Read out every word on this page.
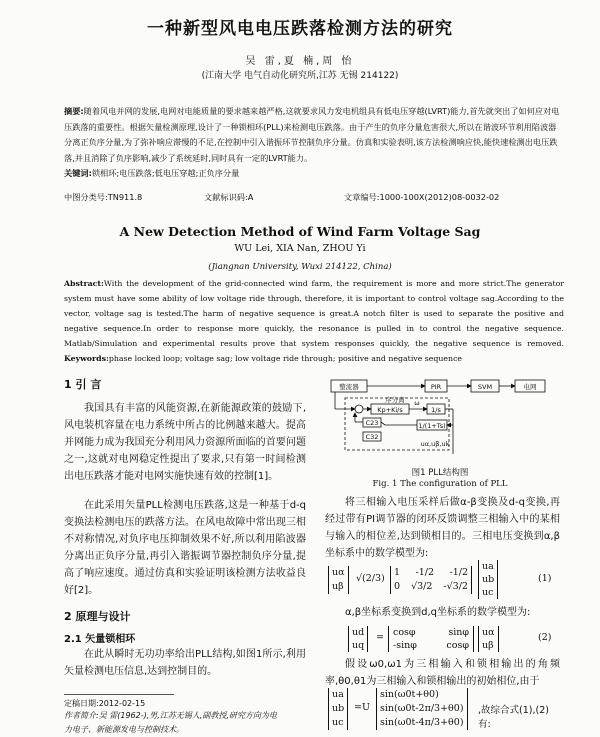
一种新型风电电压跌落检测方法的研究
吴 雷,夏 楠,周 怡
(江南大学 电气自动化研究所,江苏 无锡 214122)
摘要:随着风电并网的发展,电网对电能质量的要求越来越严格,这就要求风力发电机组具有低电压穿越(LVRT)能力,首先就突出了如何应对电压跌落的重要性。根据矢量检测原理,设计了一种锁相环(PLL)来检测电压跌落。由于产生的负序分量危害很大,所以在谐波环节利用陷波器分离正负序分量,为了弥补响应滞慢的不足,在控制中引入谐振环节控制负序分量。仿真和实验表明,该方法检测响应快,能快速检测出电压跌落,并且消除了负序影响,减少了系统延时,同时具有一定的LVRT能力。
关键词:锁相环;电压跌落;低电压穿越;正负序分量
中图分类号:TN911.8	文献标识码:A	文章编号:1000-100X(2012)08-0032-02
A New Detection Method of Wind Farm Voltage Sag
WU Lei, XIA Nan, ZHOU Yi
(Jiangnan University, Wuxi 214122, China)
Abstract:With the development of the grid-connected wind farm, the requirement is more and more strict.The generator system must have some ability of low voltage ride through, therefore, it is important to control voltage sag.According to the vector, voltage sag is tested.The harm of negative sequence is great.A notch filter is used to separate the positive and negative sequence.In order to response more quickly, the resonance is pulled in to control the negative sequence. Matlab/Simulation and experimental results prove that system responses quickly, the negative sequence is removed. Keywords:phase locked loop; voltage sag; low voltage ride through; positive and negative sequence
1 引 言
我国具有丰富的风能资源,在新能源政策的鼓励下,风电装机容量在电力系统中所占的比例越来越大。提高并网能力成为我国充分利用风力资源所面临的首要问题之一,这就对电网稳定性提出了要求,只有第一时间检测出电压跌落才能对电网实施快速有效的控制[1]。
在此采用矢量PLL检测电压跌落,这是一种基于d-q变换法检测电压的跌落方法。在风电故障中常出现三相不对称情况,对负序电压抑制效果不好,所以利用陷波器分离出正负序分量,再引入谐振调节器控制负序分量,提高了响应速度。通过仿真和实验证明该检测方法收益良好[2]。
2 原理与设计
2.1 矢量锁相环
在此从瞬时无功功率给出PLL结构,如图1所示,利用矢量检测电压信息,达到控制目的。
定稿日期:2012-02-15
作者简介:吴 雷(1962-),男,江苏无锡人,副教授,研究方向为电力电子、新能源发电与控制技术。
整流器	PIR	SVM	电网
序分离
Kp+Ki/s	1/s
C23
C32
1/(1+Ts)
ω
uα,uβ,uk
图1 PLL结构图
Fig. 1 The configuration of PLL
将三相输入电压采样后做α-β变换及d-q变换,再经过带有PI调节器的闭环反馈调整三相输入中的某相与输入的相位差,达到锁相目的。三相电压变换到α,β坐标系中的数学模型为:
uα
uβ
√(2/3)
1 -1/2 -1/2
0 √3/2 -√3/2
ua
ub
uc
(1)
α,β坐标系变换到d,q坐标系的数学模型为:
ud
uq
= cosφ	sinφ
-sinφ	cosφ
uα
uβ
(2)
假设ω0,ω1为三相输入和锁相输出的角频率,θ0,θ1为三相输入和锁相输出的初始相位,由于
ua
ub
uc
=U
sin(ω0t+θ0)
sin(ω0t-2π/3+θ0)
sin(ω0t-4π/3+θ0)
,故综合式(1),(2)有:
